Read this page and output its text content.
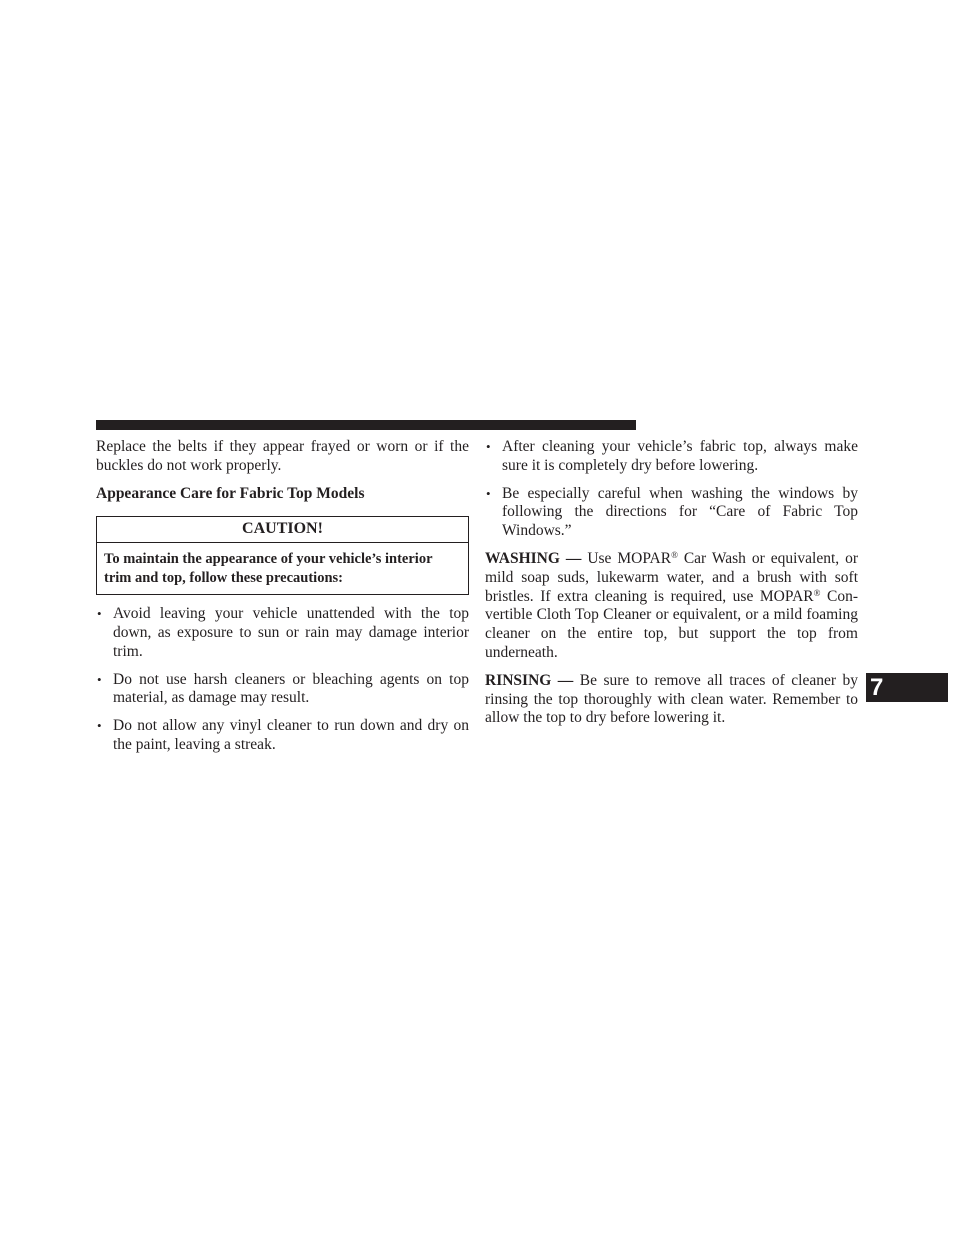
Replace the belts if they appear frayed or worn or if the buckles do not work properly.

Appearance Care for Fabric Top Models

CAUTION!
To maintain the appearance of your vehicle’s interior trim and top, follow these precautions:
• Avoid leaving your vehicle unattended with the top down, as exposure to sun or rain may damage interior trim.
• Do not use harsh cleaners or bleaching agents on top material, as damage may result.
• Do not allow any vinyl cleaner to run down and dry on the paint, leaving a streak.
• After cleaning your vehicle’s fabric top, always make sure it is completely dry before lowering.
• Be especially careful when washing the windows by following the directions for “Care of Fabric Top Windows.”

WASHING — Use MOPAR® Car Wash or equivalent, or mild soap suds, lukewarm water, and a brush with soft bristles. If extra cleaning is required, use MOPAR® Con-vertible Cloth Top Cleaner or equivalent, or a mild foaming cleaner on the entire top, but support the top from underneath.

RINSING — Be sure to remove all traces of cleaner by rinsing the top thoroughly with clean water. Remember to allow the top to dry before lowering it.

7
